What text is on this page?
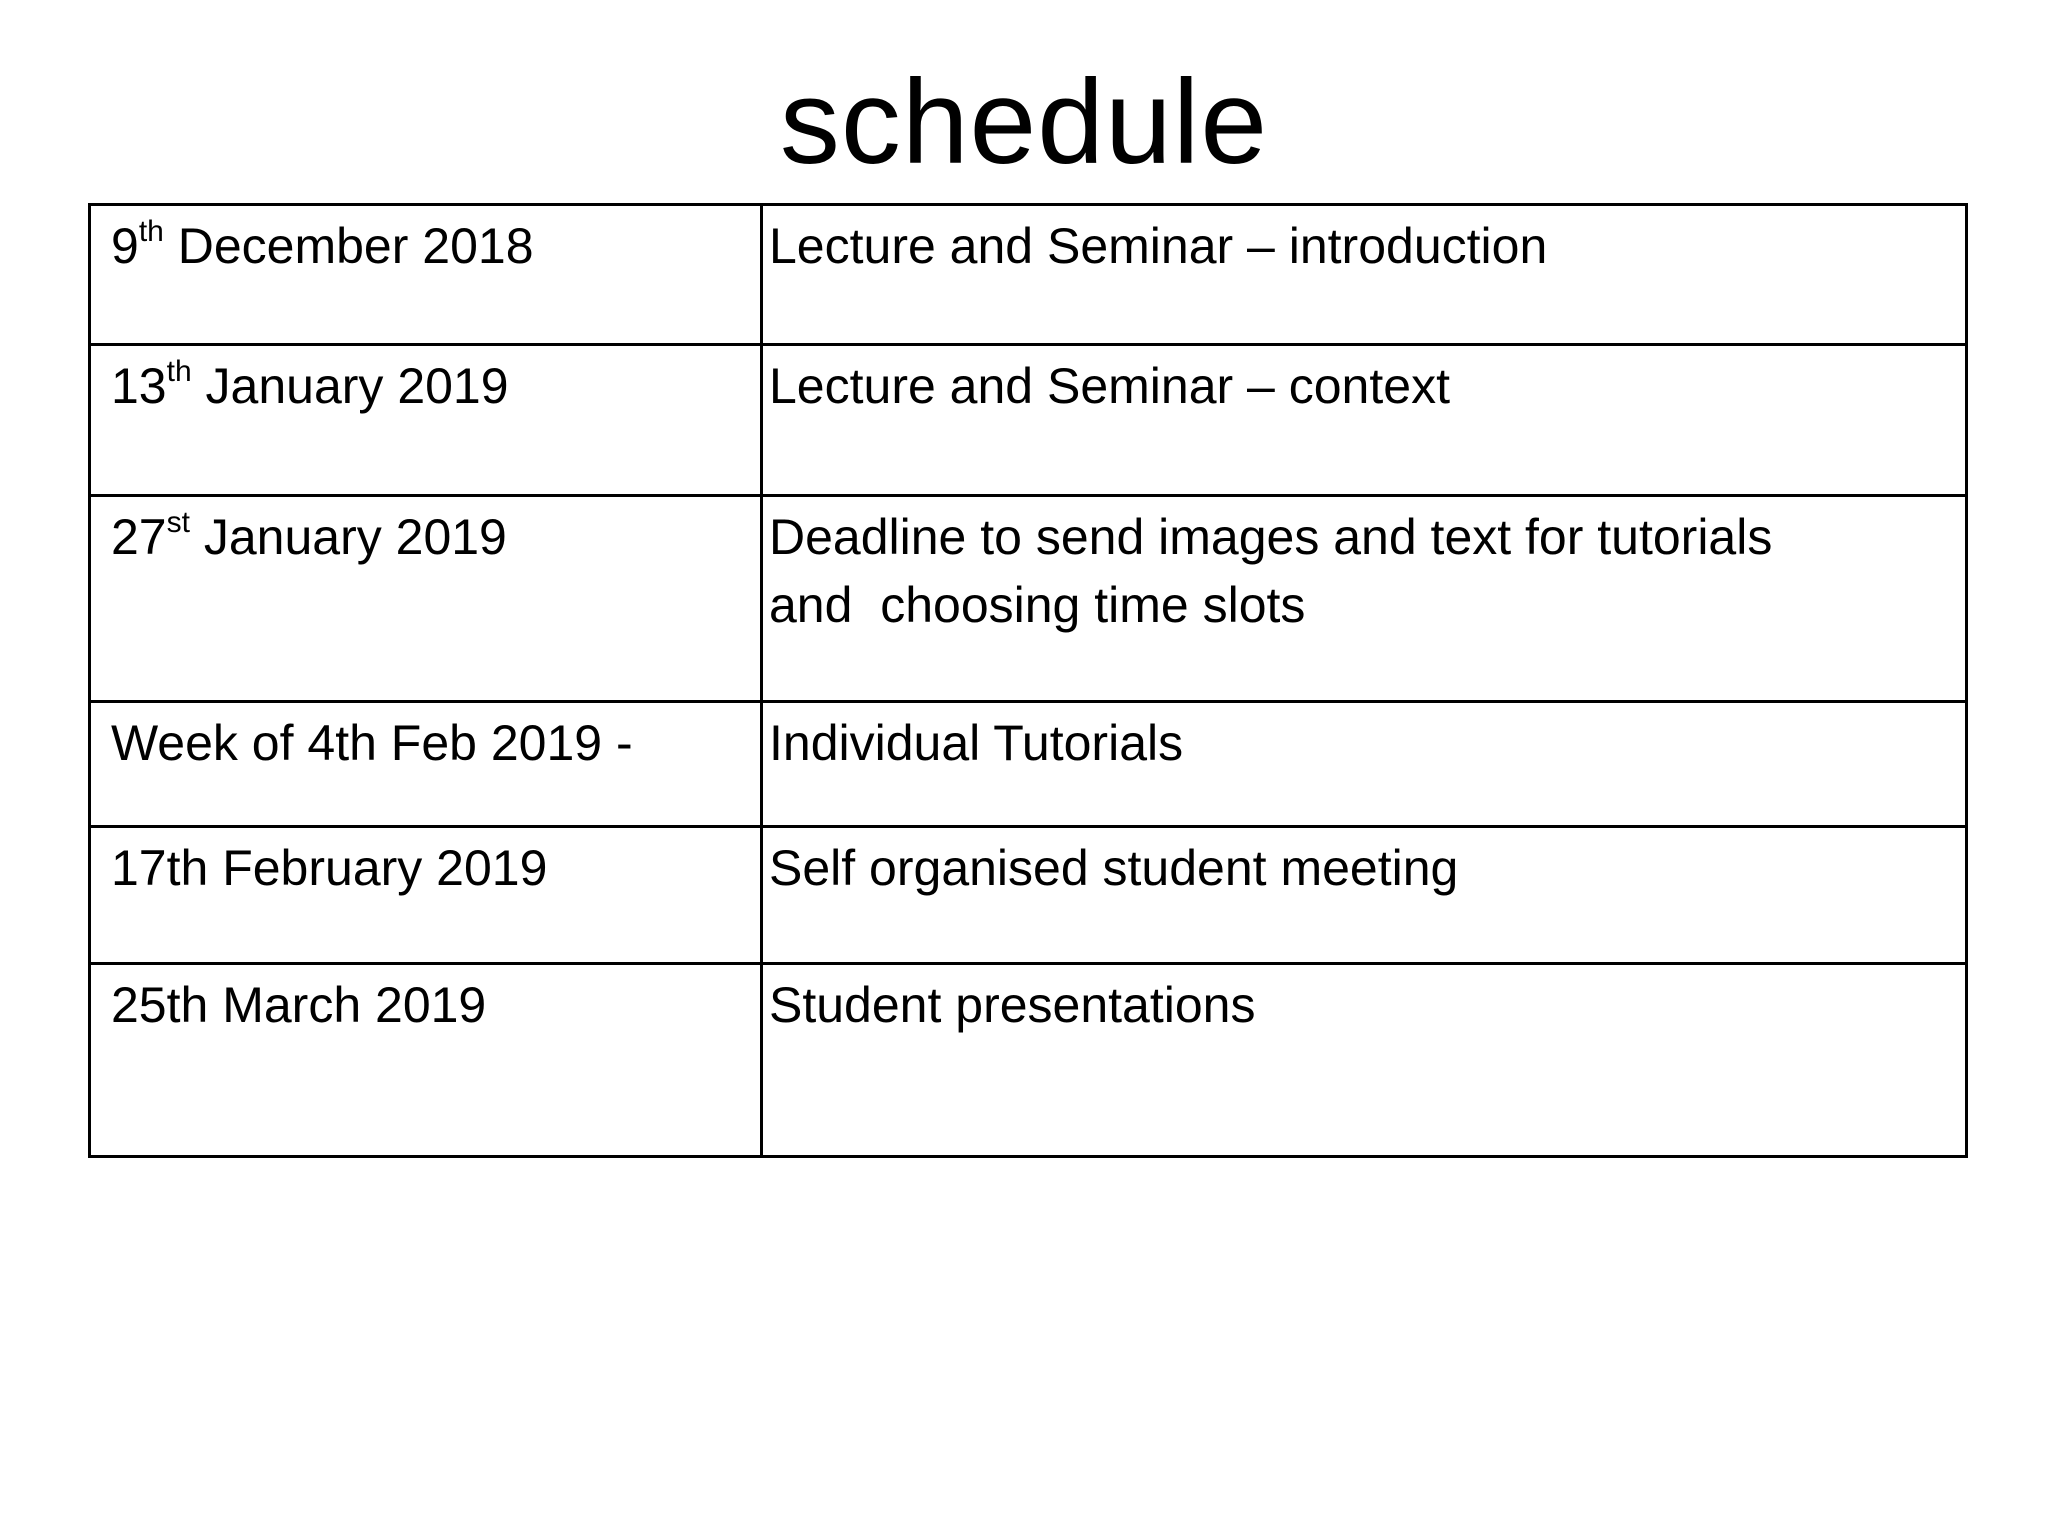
schedule
9th December 2018	Lecture and Seminar – introduction
13th January 2019	Lecture and Seminar – context
27st January 2019	Deadline to send images and text for tutorials
and  choosing time slots

Week of 4th Feb 2019 -	Individual Tutorials
17th February 2019	Self organised student meeting
25th March 2019	Student presentations
